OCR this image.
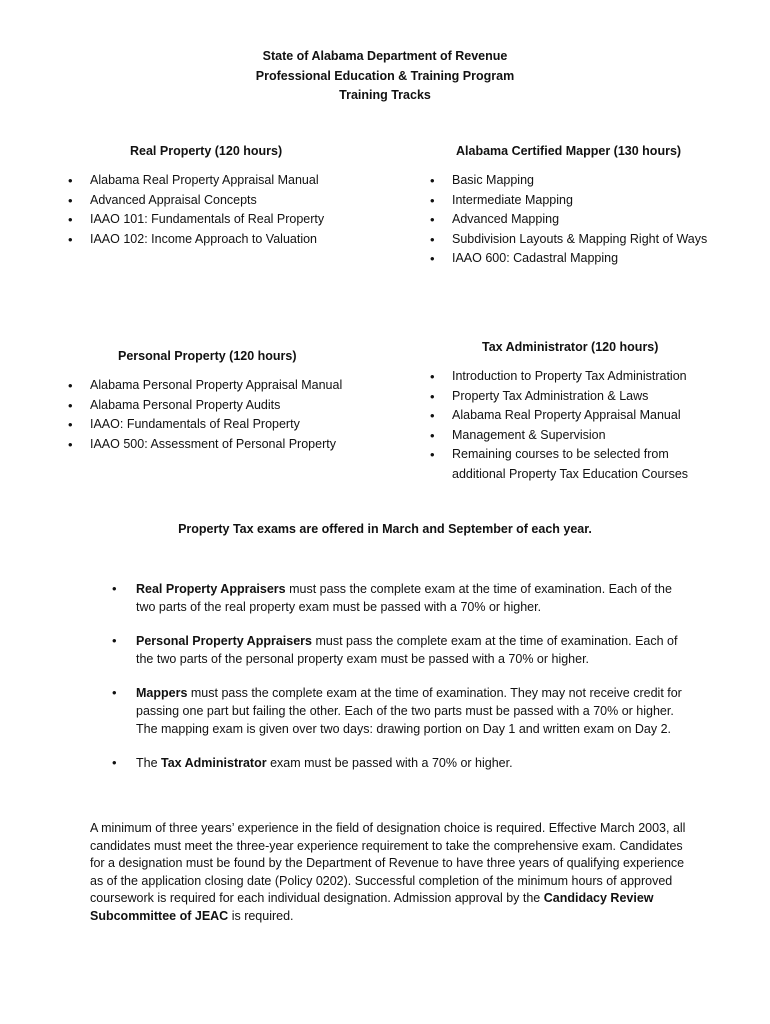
State of Alabama Department of Revenue
Professional Education & Training Program
Training Tracks
Real Property (120 hours)
• Alabama Real Property Appraisal Manual
• Advanced Appraisal Concepts
• IAAO 101: Fundamentals of Real Property
• IAAO 102: Income Approach to Valuation
Alabama Certified Mapper (130 hours)
• Basic Mapping
• Intermediate Mapping
• Advanced Mapping
• Subdivision Layouts & Mapping Right of Ways
• IAAO 600: Cadastral Mapping
Personal Property (120 hours)
• Alabama Personal Property Appraisal Manual
• Alabama Personal Property Audits
• IAAO: Fundamentals of Real Property
• IAAO 500: Assessment of Personal Property
Tax Administrator (120 hours)
• Introduction to Property Tax Administration
• Property Tax Administration & Laws
• Alabama Real Property Appraisal Manual
• Management & Supervision
• Remaining courses to be selected from additional Property Tax Education Courses
Property Tax exams are offered in March and September of each year.
• Real Property Appraisers must pass the complete exam at the time of examination. Each of the two parts of the real property exam must be passed with a 70% or higher.
• Personal Property Appraisers must pass the complete exam at the time of examination. Each of the two parts of the personal property exam must be passed with a 70% or higher.
• Mappers must pass the complete exam at the time of examination. They may not receive credit for passing one part but failing the other. Each of the two parts must be passed with a 70% or higher. The mapping exam is given over two days: drawing portion on Day 1 and written exam on Day 2.
• The Tax Administrator exam must be passed with a 70% or higher.
A minimum of three years’ experience in the field of designation choice is required. Effective March 2003, all candidates must meet the three-year experience requirement to take the comprehensive exam. Candidates for a designation must be found by the Department of Revenue to have three years of qualifying experience as of the application closing date (Policy 0202). Successful completion of the minimum hours of approved coursework is required for each individual designation. Admission approval by the Candidacy Review Subcommittee of JEAC is required.
